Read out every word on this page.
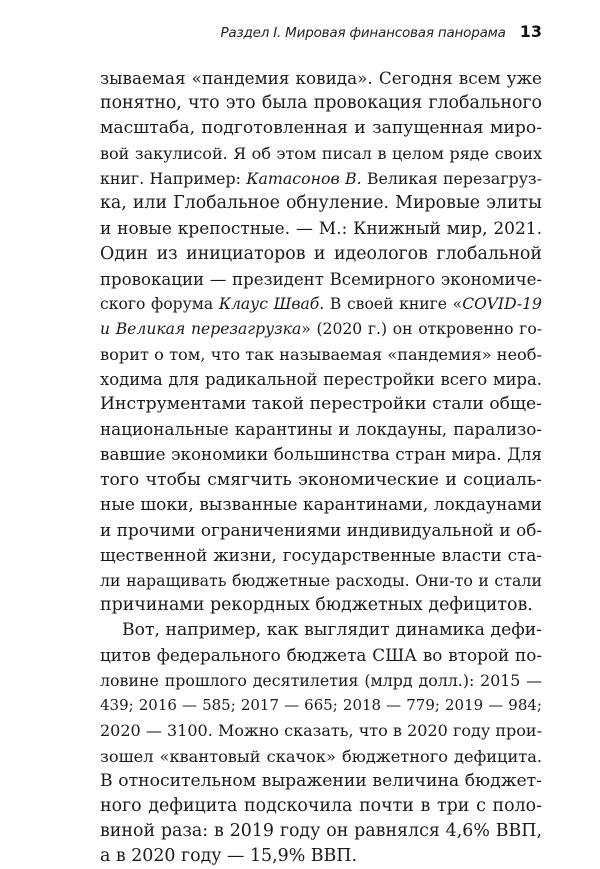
Раздел I. Мировая финансовая панорама 13
зываемая «пандемия ковида». Сегодня всем уже
понятно, что это была провокация глобального
масштаба, подготовленная и запущенная миро-
вой закулисой. Я об этом писал в целом ряде своих
книг. Например: Катасонов В. Великая перезагруз-
ка, или Глобальное обнуление. Мировые элиты
и новые крепостные. — М.: Книжный мир, 2021.
Один из инициаторов и идеологов глобальной
провокации — президент Всемирного экономиче-
ского форума Клаус Шваб. В своей книге «COVID-19
и Великая перезагрузка» (2020 г.) он откровенно го-
ворит о том, что так называемая «пандемия» необ-
ходима для радикальной перестройки всего мира.
Инструментами такой перестройки стали обще-
национальные карантины и локдауны, парализо-
вавшие экономики большинства стран мира. Для
того чтобы смягчить экономические и социаль-
ные шоки, вызванные карантинами, локдаунами
и прочими ограничениями индивидуальной и об-
щественной жизни, государственные власти ста-
ли наращивать бюджетные расходы. Они-то и стали
причинами рекордных бюджетных дефицитов.
Вот, например, как выглядит динамика дефи-
цитов федерального бюджета США во второй по-
ловине прошлого десятилетия (млрд долл.): 2015 —
439; 2016 — 585; 2017 — 665; 2018 — 779; 2019 — 984;
2020 — 3100. Можно сказать, что в 2020 году прои-
зошел «квантовый скачок» бюджетного дефицита.
В относительном выражении величина бюджет-
ного дефицита подскочила почти в три с поло-
виной раза: в 2019 году он равнялся 4,6% ВВП,
а в 2020 году — 15,9% ВВП.
